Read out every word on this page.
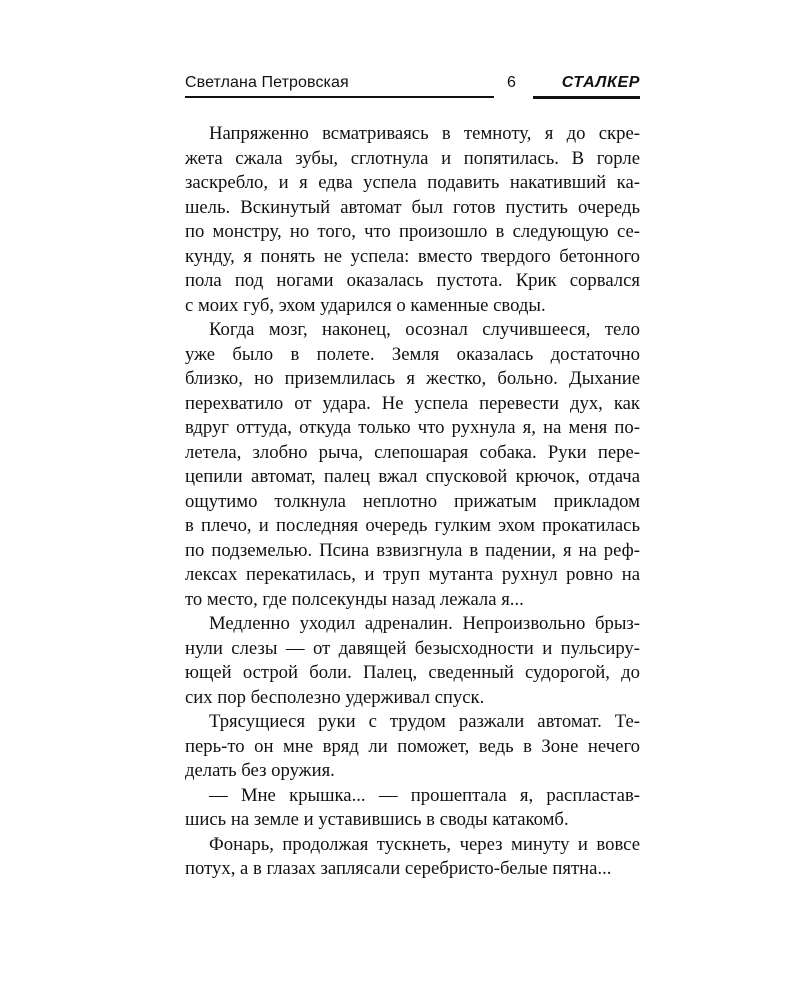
Светлана Петровская	6	СТАЛКЕР
Напряженно всматриваясь в темноту, я до скре-
жета сжала зубы, сглотнула и попятилась. В горле
заскребло, и я едва успела подавить накативший ка-
шель. Вскинутый автомат был готов пустить очередь
по монстру, но того, что произошло в следующую се-
кунду, я понять не успела: вместо твердого бетонного
пола под ногами оказалась пустота. Крик сорвался
с моих губ, эхом ударился о каменные своды.
Когда мозг, наконец, осознал случившееся, тело
уже было в полете. Земля оказалась достаточно
близко, но приземлилась я жестко, больно. Дыхание
перехватило от удара. Не успела перевести дух, как
вдруг оттуда, откуда только что рухнула я, на меня по-
летела, злобно рыча, слепошарая собака. Руки пере-
цепили автомат, палец вжал спусковой крючок, отдача
ощутимо толкнула неплотно прижатым прикладом
в плечо, и последняя очередь гулким эхом прокатилась
по подземелью. Псина взвизгнула в падении, я на реф-
лексах перекатилась, и труп мутанта рухнул ровно на
то место, где полсекунды назад лежала я...
Медленно уходил адреналин. Непроизвольно брыз-
нули слезы — от давящей безысходности и пульсиру-
ющей острой боли. Палец, сведенный судорогой, до
сих пор бесполезно удерживал спуск.
Трясущиеся руки с трудом разжали автомат. Те-
перь-то он мне вряд ли поможет, ведь в Зоне нечего
делать без оружия.
— Мне крышка... — прошептала я, распластав-
шись на земле и уставившись в своды катакомб.
Фонарь, продолжая тускнеть, через минуту и вовсе
потух, а в глазах заплясали серебристо-белые пятна...
